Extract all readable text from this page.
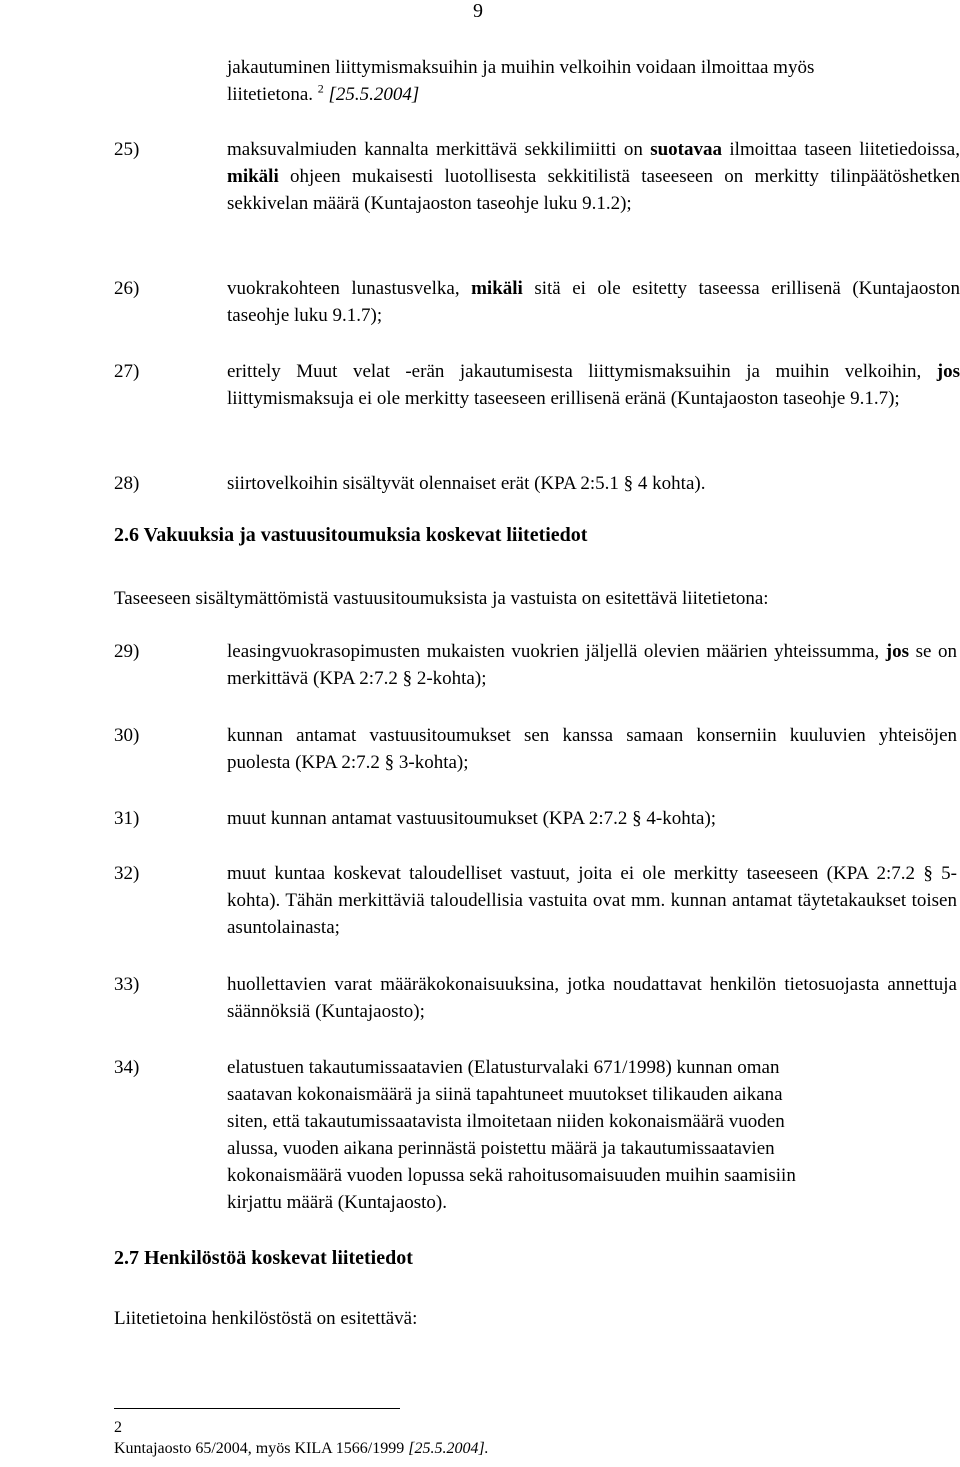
9
jakautuminen liittymismaksuihin ja muihin velkoihin voidaan ilmoittaa myös
liitetietona. $^2$ [25.5.2004]
25)	maksuvalmiuden kannalta merkittävä sekkilimiitti on suotavaa ilmoittaa taseen liitetiedoissa, mikäli ohjeen mukaisesti luotollisesta sekkitilistä taseeseen on merkitty tilinpäätöshetken sekkivelan määrä (Kuntajaoston taseohje luku 9.1.2);
26)	vuokrakohteen lunastusvelka, mikäli sitä ei ole esitetty taseessa erillisenä (Kuntajaoston taseohje luku 9.1.7);
27)	erittely Muut velat -erän jakautumisesta liittymismaksuihin ja muihin velkoihin, jos liittymismaksuja ei ole merkitty taseeseen erillisenä eränä (Kuntajaoston taseohje 9.1.7);
28)	siirtovelkoihin sisältyvät olennaiset erät (KPA 2:5.1 § 4 kohta).
2.6 Vakuuksia ja vastuusitoumuksia koskevat liitetiedot
Taseeseen sisältymättömistä vastuusitoumuksista ja vastuista on esitettävä liitetietona:
29)	leasingvuokrasopimusten mukaisten vuokrien jäljellä olevien määrien yhteissumma, jos se on merkittävä (KPA 2:7.2 § 2-kohta);
30)	kunnan antamat vastuusitoumukset sen kanssa samaan konserniin kuuluvien yhteisöjen puolesta (KPA 2:7.2 § 3-kohta);
31)	muut kunnan antamat vastuusitoumukset (KPA 2:7.2 § 4-kohta);
32)	muut kuntaa koskevat taloudelliset vastuut, joita ei ole merkitty taseeseen (KPA 2:7.2 § 5-kohta). Tähän merkittäviä taloudellisia vastuita ovat mm. kunnan antamat täytetakaukset toisen asuntolainasta;
33)	huollettavien varat määräkokonaisuuksina, jotka noudattavat henkilön tietosuojasta annettuja säännöksiä (Kuntajaosto);
34)	elatustuen takautumissaatavien (Elatusturvalaki 671/1998) kunnan oman
saatavan kokonaismäärä ja siinä tapahtuneet muutokset tilikauden aikana
siten, että takautumissaatavista ilmoitetaan niiden kokonaismäärä vuoden
alussa, vuoden aikana perinnästä poistettu määrä ja takautumissaatavien
kokonaismäärä vuoden lopussa sekä rahoitusomaisuuden muihin saamisiin
kirjattu määrä (Kuntajaosto).
2.7 Henkilöstöä koskevat liitetiedot
Liitetietoina henkilöstöstä on esitettävä:
2
Kuntajaosto 65/2004, myös KILA 1566/1999 [25.5.2004].
